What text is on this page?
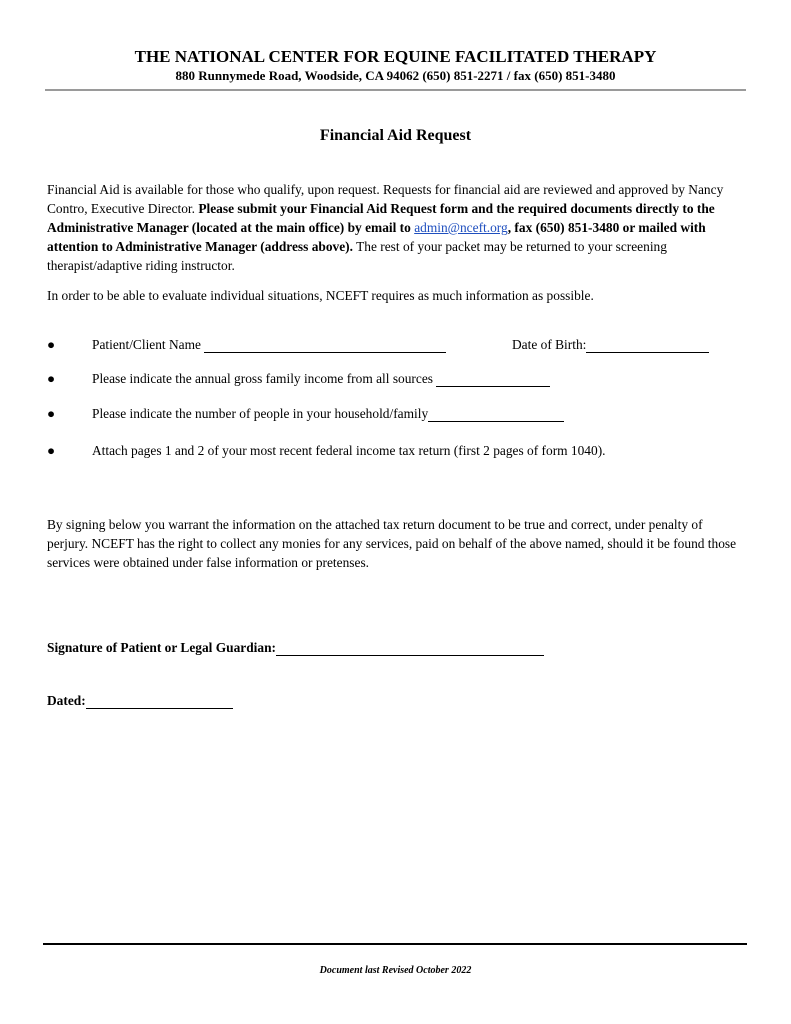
THE NATIONAL CENTER FOR EQUINE FACILITATED THERAPY
880 Runnymede Road, Woodside, CA 94062 (650) 851-2271 / fax (650) 851-3480
Financial Aid Request
Financial Aid is available for those who qualify, upon request. Requests for financial aid are reviewed and approved by Nancy Contro, Executive Director. Please submit your Financial Aid Request form and the required documents directly to the Administrative Manager (located at the main office) by email to admin@nceft.org, fax (650) 851-3480 or mailed with attention to Administrative Manager (address above). The rest of your packet may be returned to your screening therapist/adaptive riding instructor.
In order to be able to evaluate individual situations, NCEFT requires as much information as possible.
●	Patient/Client Name	Date of Birth:
●	Please indicate the annual gross family income from all sources
●	Please indicate the number of people in your household/family
●	Attach pages 1 and 2 of your most recent federal income tax return (first 2 pages of form 1040).
By signing below you warrant the information on the attached tax return document to be true and correct, under penalty of perjury. NCEFT has the right to collect any monies for any services, paid on behalf of the above named, should it be found those services were obtained under false information or pretenses.
Signature of Patient or Legal Guardian:
Dated:
Document last Revised October 2022
